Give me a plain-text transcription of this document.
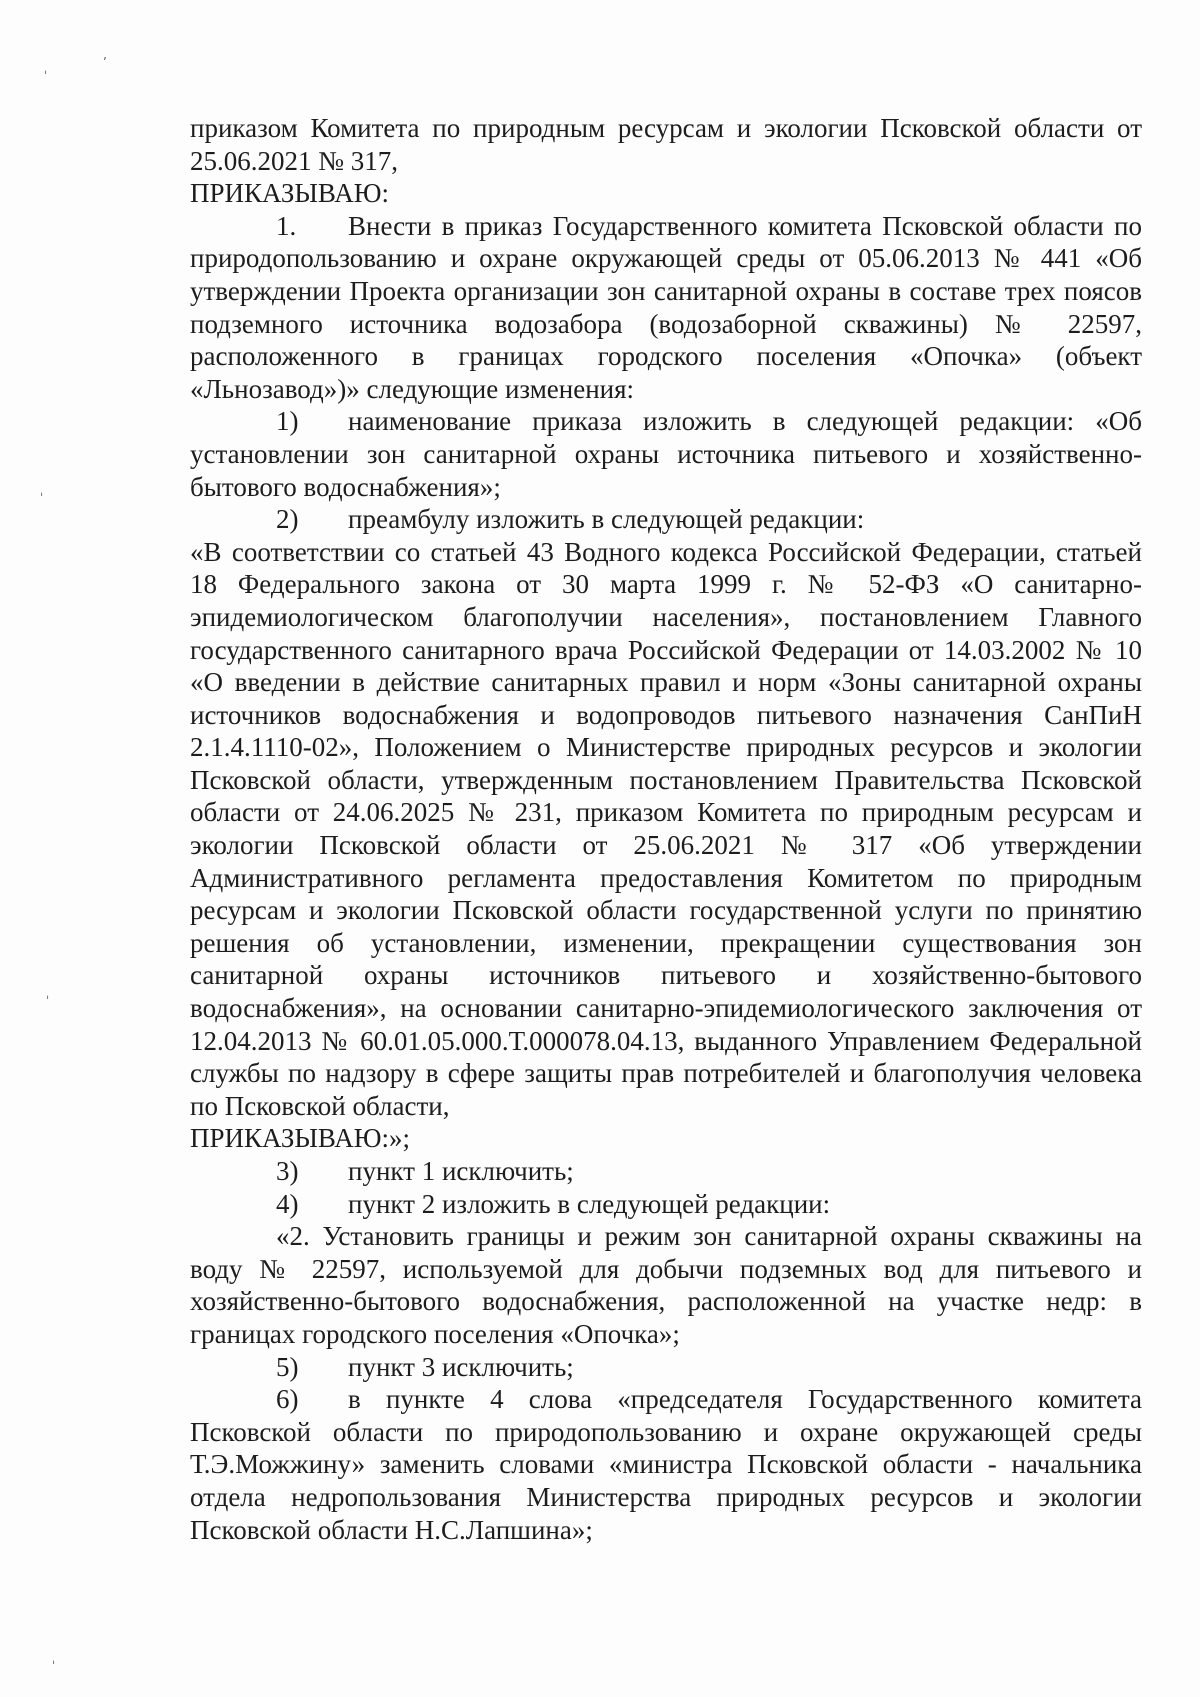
ʼ
ˈ
ˈ
ˈ
ˈ

приказом Комитета по природным ресурсам и экологии Псковской области от 25.06.2021 № 317,

ПРИКАЗЫВАЮ:

1. Внести в приказ Государственного комитета Псковской области по природопользованию и охране окружающей среды от 05.06.2013 № 441 «Об утверждении Проекта организации зон санитарной охраны в составе трех поясов подземного источника водозабора (водозаборной скважины) № 22597, расположенного в границах городского поселения «Опочка» (объект «Льнозавод»)» следующие изменения:

1) наименование приказа изложить в следующей редакции: «Об установлении зон санитарной охраны источника питьевого и хозяйственно-бытового водоснабжения»;

2) преамбулу изложить в следующей редакции:

«В соответствии со статьей 43 Водного кодекса Российской Федерации, статьей 18 Федерального закона от 30 марта 1999 г. № 52-ФЗ «О санитарно-эпидемиологическом благополучии населения», постановлением Главного государственного санитарного врача Российской Федерации от 14.03.2002 № 10 «О введении в действие санитарных правил и норм «Зоны санитарной охраны источников водоснабжения и водопроводов питьевого назначения СанПиН 2.1.4.1110-02», Положением о Министерстве природных ресурсов и экологии Псковской области, утвержденным постановлением Правительства Псковской области от 24.06.2025 № 231, приказом Комитета по природным ресурсам и экологии Псковской области от 25.06.2021 № 317 «Об утверждении Административного регламента предоставления Комитетом по природным ресурсам и экологии Псковской области государственной услуги по принятию решения об установлении, изменении, прекращении существования зон санитарной охраны источников питьевого и хозяйственно-бытового водоснабжения», на основании санитарно-эпидемиологического заключения от 12.04.2013 № 60.01.05.000.Т.000078.04.13, выданного Управлением Федеральной службы по надзору в сфере защиты прав потребителей и благополучия человека по Псковской области,

ПРИКАЗЫВАЮ:»;

3) пункт 1 исключить;

4) пункт 2 изложить в следующей редакции:

«2. Установить границы и режим зон санитарной охраны скважины на воду № 22597, используемой для добычи подземных вод для питьевого и хозяйственно-бытового водоснабжения, расположенной на участке недр: в границах городского поселения «Опочка»;

5) пункт 3 исключить;

6) в пункте 4 слова «председателя Государственного комитета Псковской области по природопользованию и охране окружающей среды Т.Э.Можжину» заменить словами «министра Псковской области - начальника отдела недропользования Министерства природных ресурсов и экологии Псковской области Н.С.Лапшина»;
